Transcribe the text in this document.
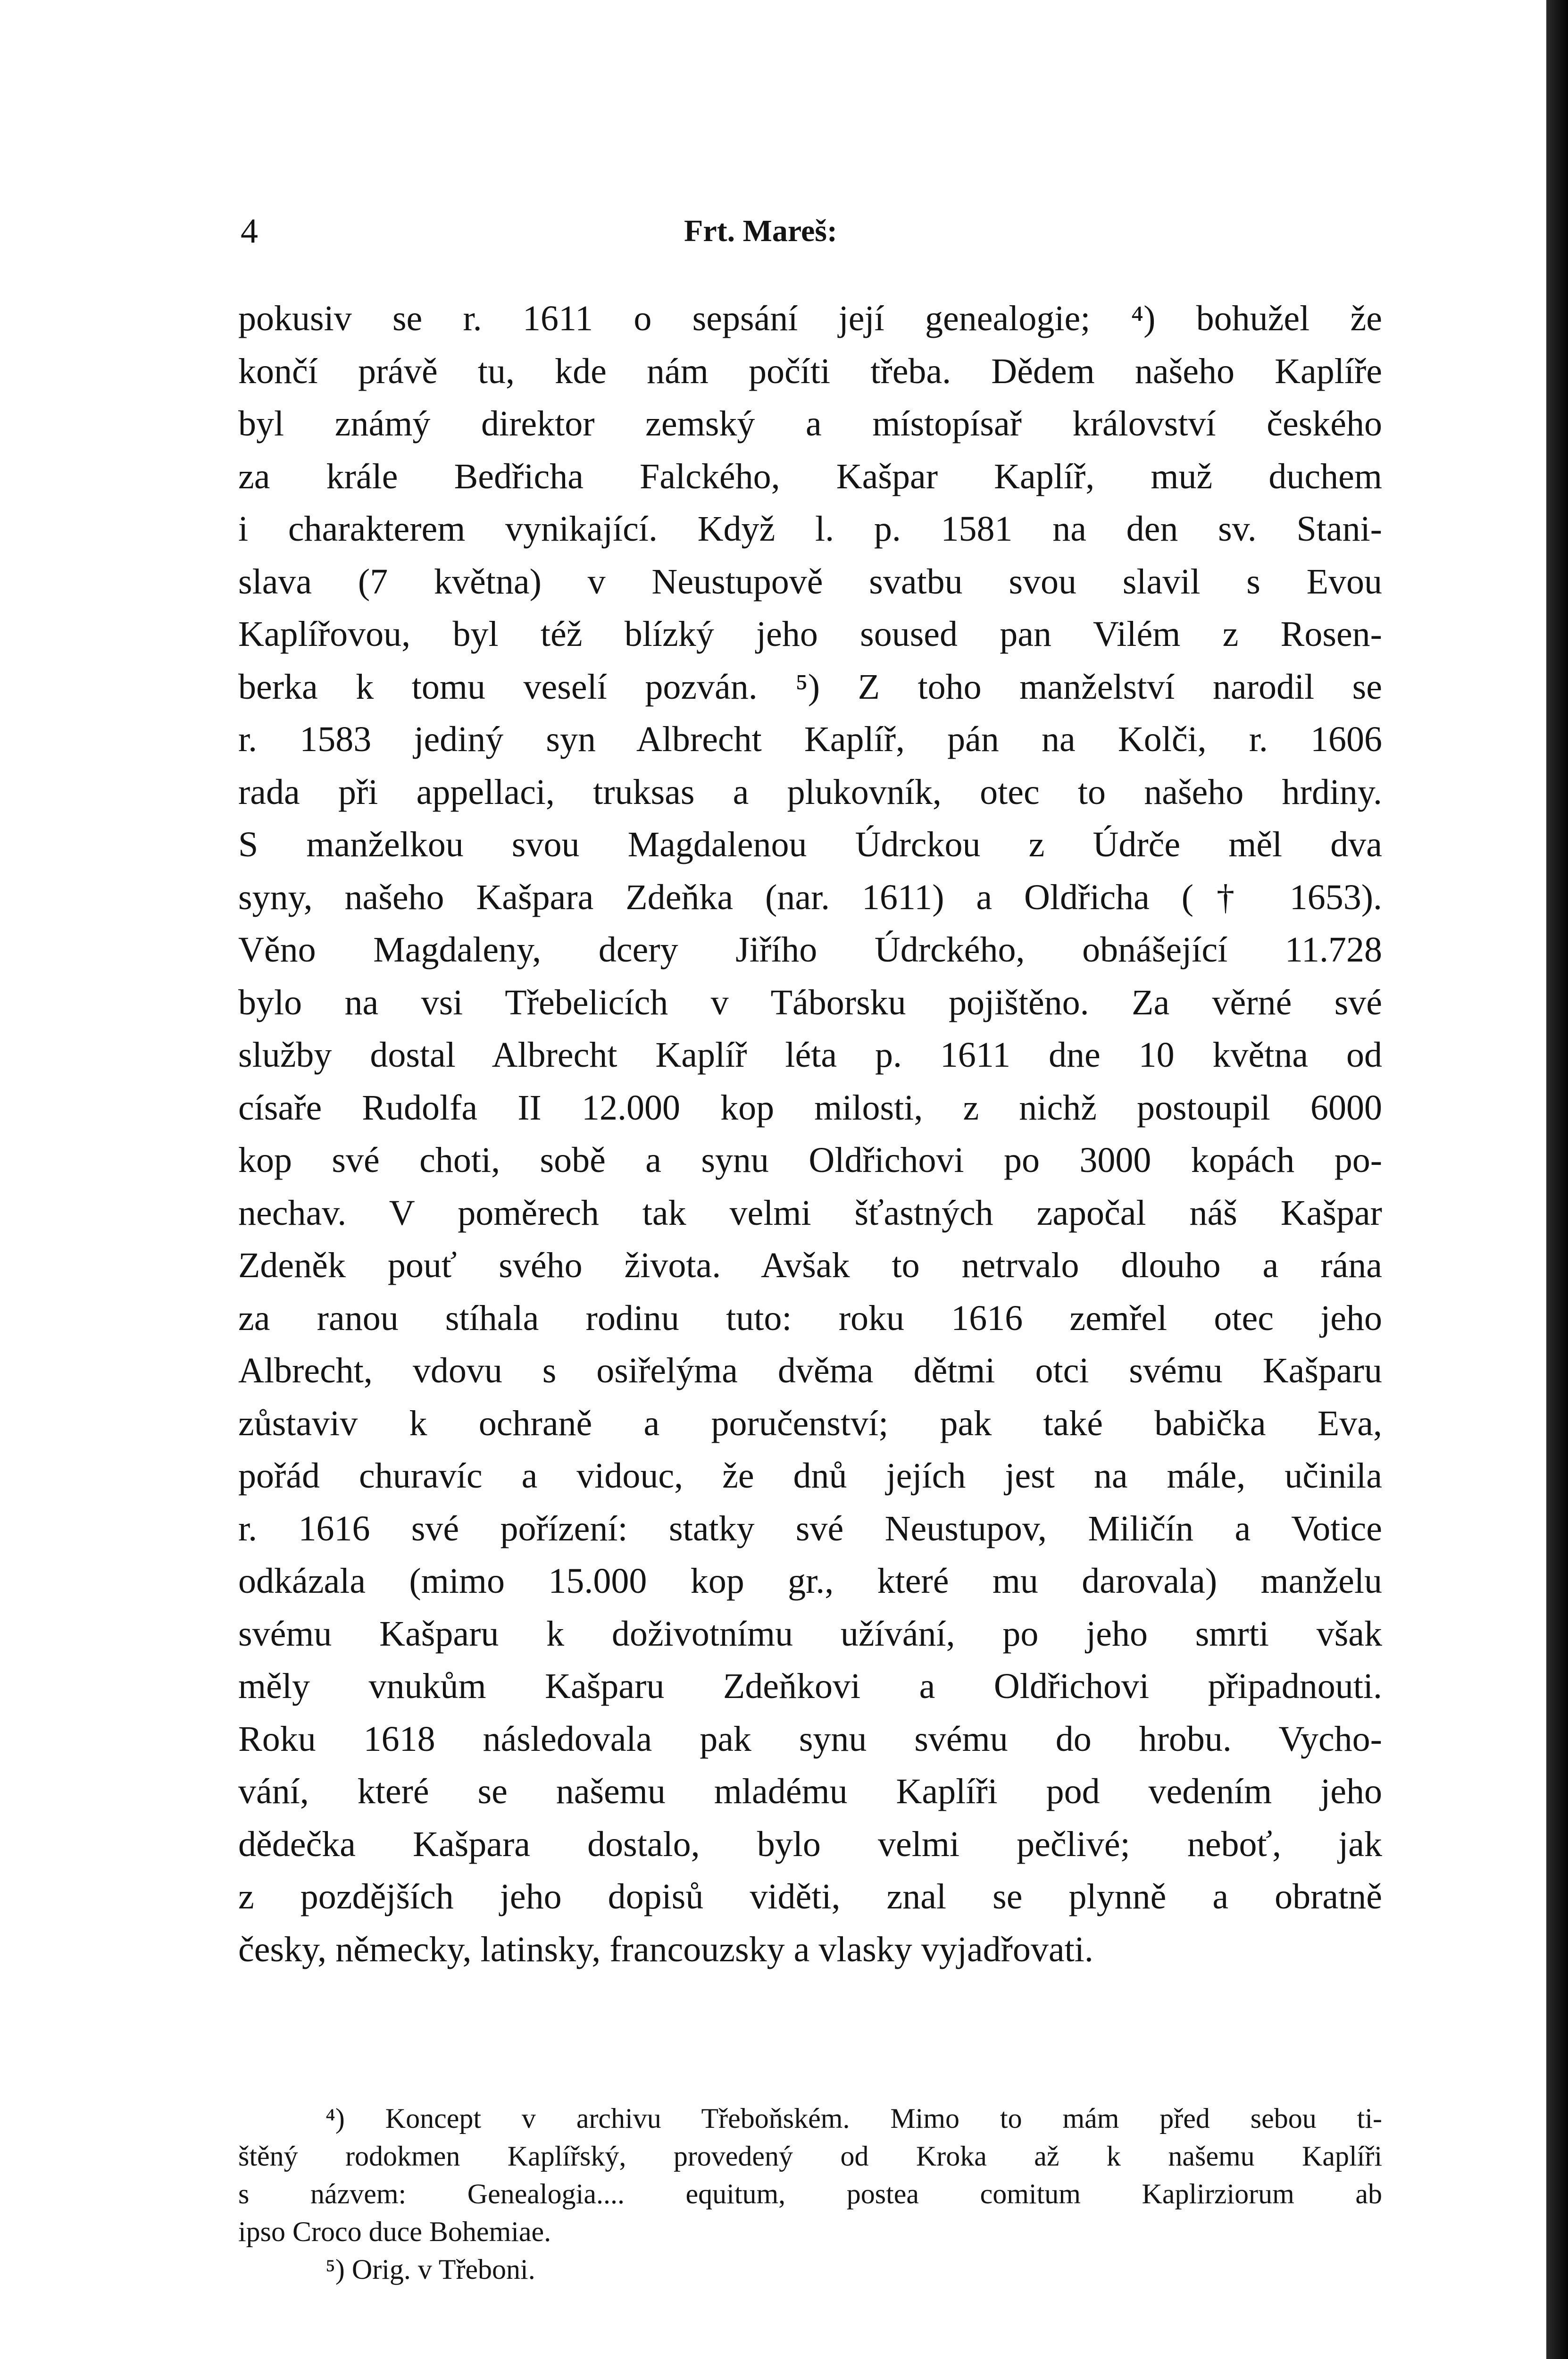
4	Frt. Mareš:
pokusiv se r. 1611 o sepsání její genealogie; ⁴) bohužel že
končí právě tu, kde nám počíti třeba. Dědem našeho Kaplíře
byl známý direktor zemský a místopísař království českého
za krále Bedřicha Falckého, Kašpar Kaplíř, muž duchem
i charakterem vynikající. Když l. p. 1581 na den sv. Stani-
slava (7 května) v Neustupově svatbu svou slavil s Evou
Kaplířovou, byl též blízký jeho soused pan Vilém z Rosen-
berka k tomu veselí pozván. ⁵) Z toho manželství narodil se
r. 1583 jediný syn Albrecht Kaplíř, pán na Kolči, r. 1606
rada při appellaci, truksas a plukovník, otec to našeho hrdiny.
S manželkou svou Magdalenou Údrckou z Údrče měl dva
syny, našeho Kašpara Zdeňka (nar. 1611) a Oldřicha († 1653).
Věno Magdaleny, dcery Jiřího Údrckého, obnášející 11.728
bylo na vsi Třebelicích v Táborsku pojištěno. Za věrné své
služby dostal Albrecht Kaplíř léta p. 1611 dne 10 května od
císaře Rudolfa II 12.000 kop milosti, z nichž postoupil 6000
kop své choti, sobě a synu Oldřichovi po 3000 kopách po-
nechav. V poměrech tak velmi šťastných započal náš Kašpar
Zdeněk pouť svého života. Avšak to netrvalo dlouho a rána
za ranou stíhala rodinu tuto: roku 1616 zemřel otec jeho
Albrecht, vdovu s osiřelýma dvěma dětmi otci svému Kašparu
zůstaviv k ochraně a poručenství; pak také babička Eva,
pořád churavíc a vidouc, že dnů jejích jest na mále, učinila
r. 1616 své pořízení: statky své Neustupov, Miličín a Votice
odkázala (mimo 15.000 kop gr., které mu darovala) manželu
svému Kašparu k doživotnímu užívání, po jeho smrti však
měly vnukům Kašparu Zdeňkovi a Oldřichovi připadnouti.
Roku 1618 následovala pak synu svému do hrobu. Vycho-
vání, které se našemu mladému Kaplíři pod vedením jeho
dědečka Kašpara dostalo, bylo velmi pečlivé; neboť, jak
z pozdějších jeho dopisů viděti, znal se plynně a obratně
česky, německy, latinsky, francouzsky a vlasky vyjadřovati.
⁴) Koncept v archivu Třeboňském. Mimo to mám před sebou ti-
štěný rodokmen Kaplířský, provedený od Kroka až k našemu Kaplíři
s názvem: Genealogia.... equitum, postea comitum Kaplirziorum ab
ipso Croco duce Bohemiae.
⁵) Orig. v Třeboni.
